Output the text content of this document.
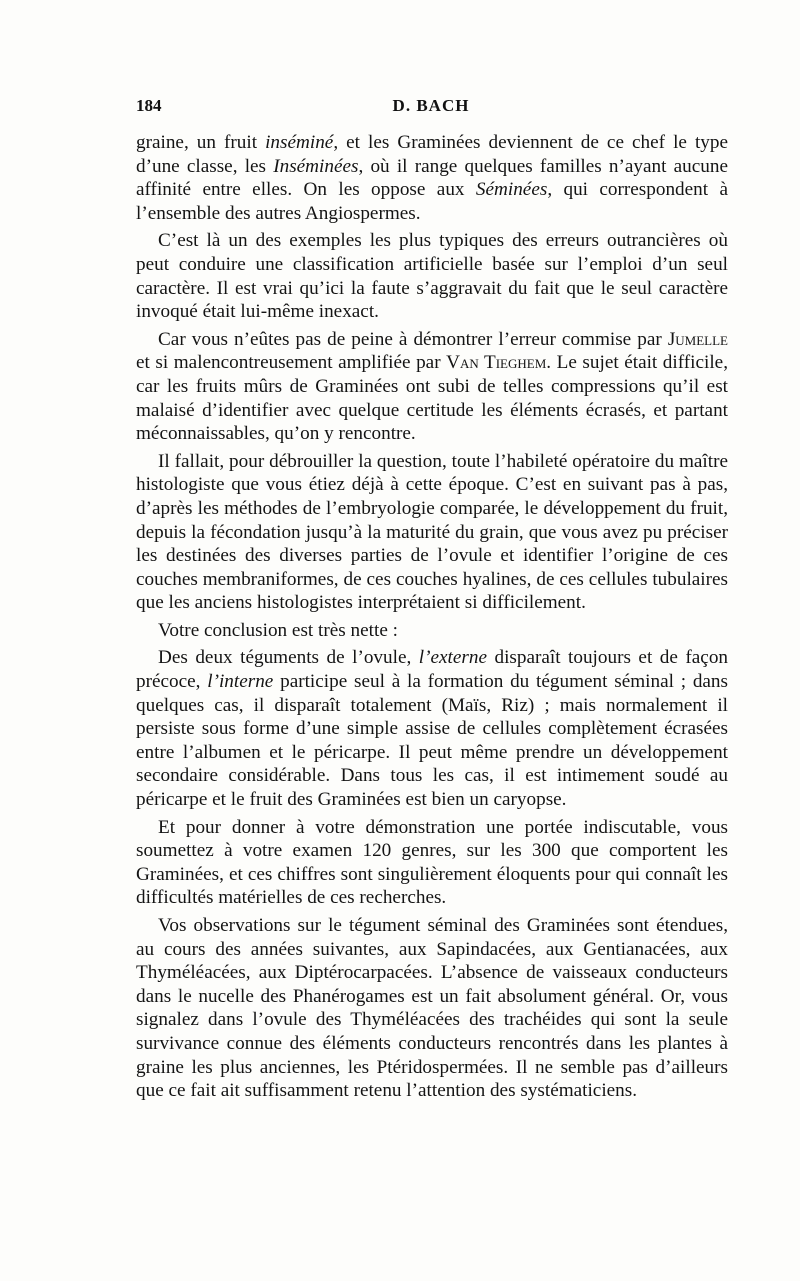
184	D. BACH

graine, un fruit inséminé, et les Graminées deviennent de ce chef le type d’une classe, les Inséminées, où il range quelques familles n’ayant aucune affinité entre elles. On les oppose aux Séminées, qui correspondent à l’ensemble des autres Angiospermes.

C’est là un des exemples les plus typiques des erreurs outrancières où peut conduire une classification artificielle basée sur l’emploi d’un seul caractère. Il est vrai qu’ici la faute s’aggravait du fait que le seul caractère invoqué était lui-même inexact.

Car vous n’eûtes pas de peine à démontrer l’erreur commise par Jumelle et si malencontreusement amplifiée par Van Tieghem. Le sujet était difficile, car les fruits mûrs de Graminées ont subi de telles compressions qu’il est malaisé d’identifier avec quelque certitude les éléments écrasés, et partant méconnaissables, qu’on y rencontre.

Il fallait, pour débrouiller la question, toute l’habileté opératoire du maître histologiste que vous étiez déjà à cette époque. C’est en suivant pas à pas, d’après les méthodes de l’embryologie comparée, le développement du fruit, depuis la fécondation jusqu’à la maturité du grain, que vous avez pu préciser les destinées des diverses parties de l’ovule et identifier l’origine de ces couches membraniformes, de ces couches hyalines, de ces cellules tubulaires que les anciens histologistes interprétaient si difficilement.

Votre conclusion est très nette :

Des deux téguments de l’ovule, l’externe disparaît toujours et de façon précoce, l’interne participe seul à la formation du tégument séminal ; dans quelques cas, il disparaît totalement (Maïs, Riz) ; mais normalement il persiste sous forme d’une simple assise de cellules complètement écrasées entre l’albumen et le péricarpe. Il peut même prendre un développement secondaire considérable. Dans tous les cas, il est intimement soudé au péricarpe et le fruit des Graminées est bien un caryopse.

Et pour donner à votre démonstration une portée indiscutable, vous soumettez à votre examen 120 genres, sur les 300 que comportent les Graminées, et ces chiffres sont singulièrement éloquents pour qui connaît les difficultés matérielles de ces recherches.

Vos observations sur le tégument séminal des Graminées sont étendues, au cours des années suivantes, aux Sapindacées, aux Gentianacées, aux Thyméléacées, aux Diptérocarpacées. L’absence de vaisseaux conducteurs dans le nucelle des Phanérogames est un fait absolument général. Or, vous signalez dans l’ovule des Thyméléacées des trachéides qui sont la seule survivance connue des éléments conducteurs rencontrés dans les plantes à graine les plus anciennes, les Ptéridospermées. Il ne semble pas d’ailleurs que ce fait ait suffisamment retenu l’attention des systématiciens.
